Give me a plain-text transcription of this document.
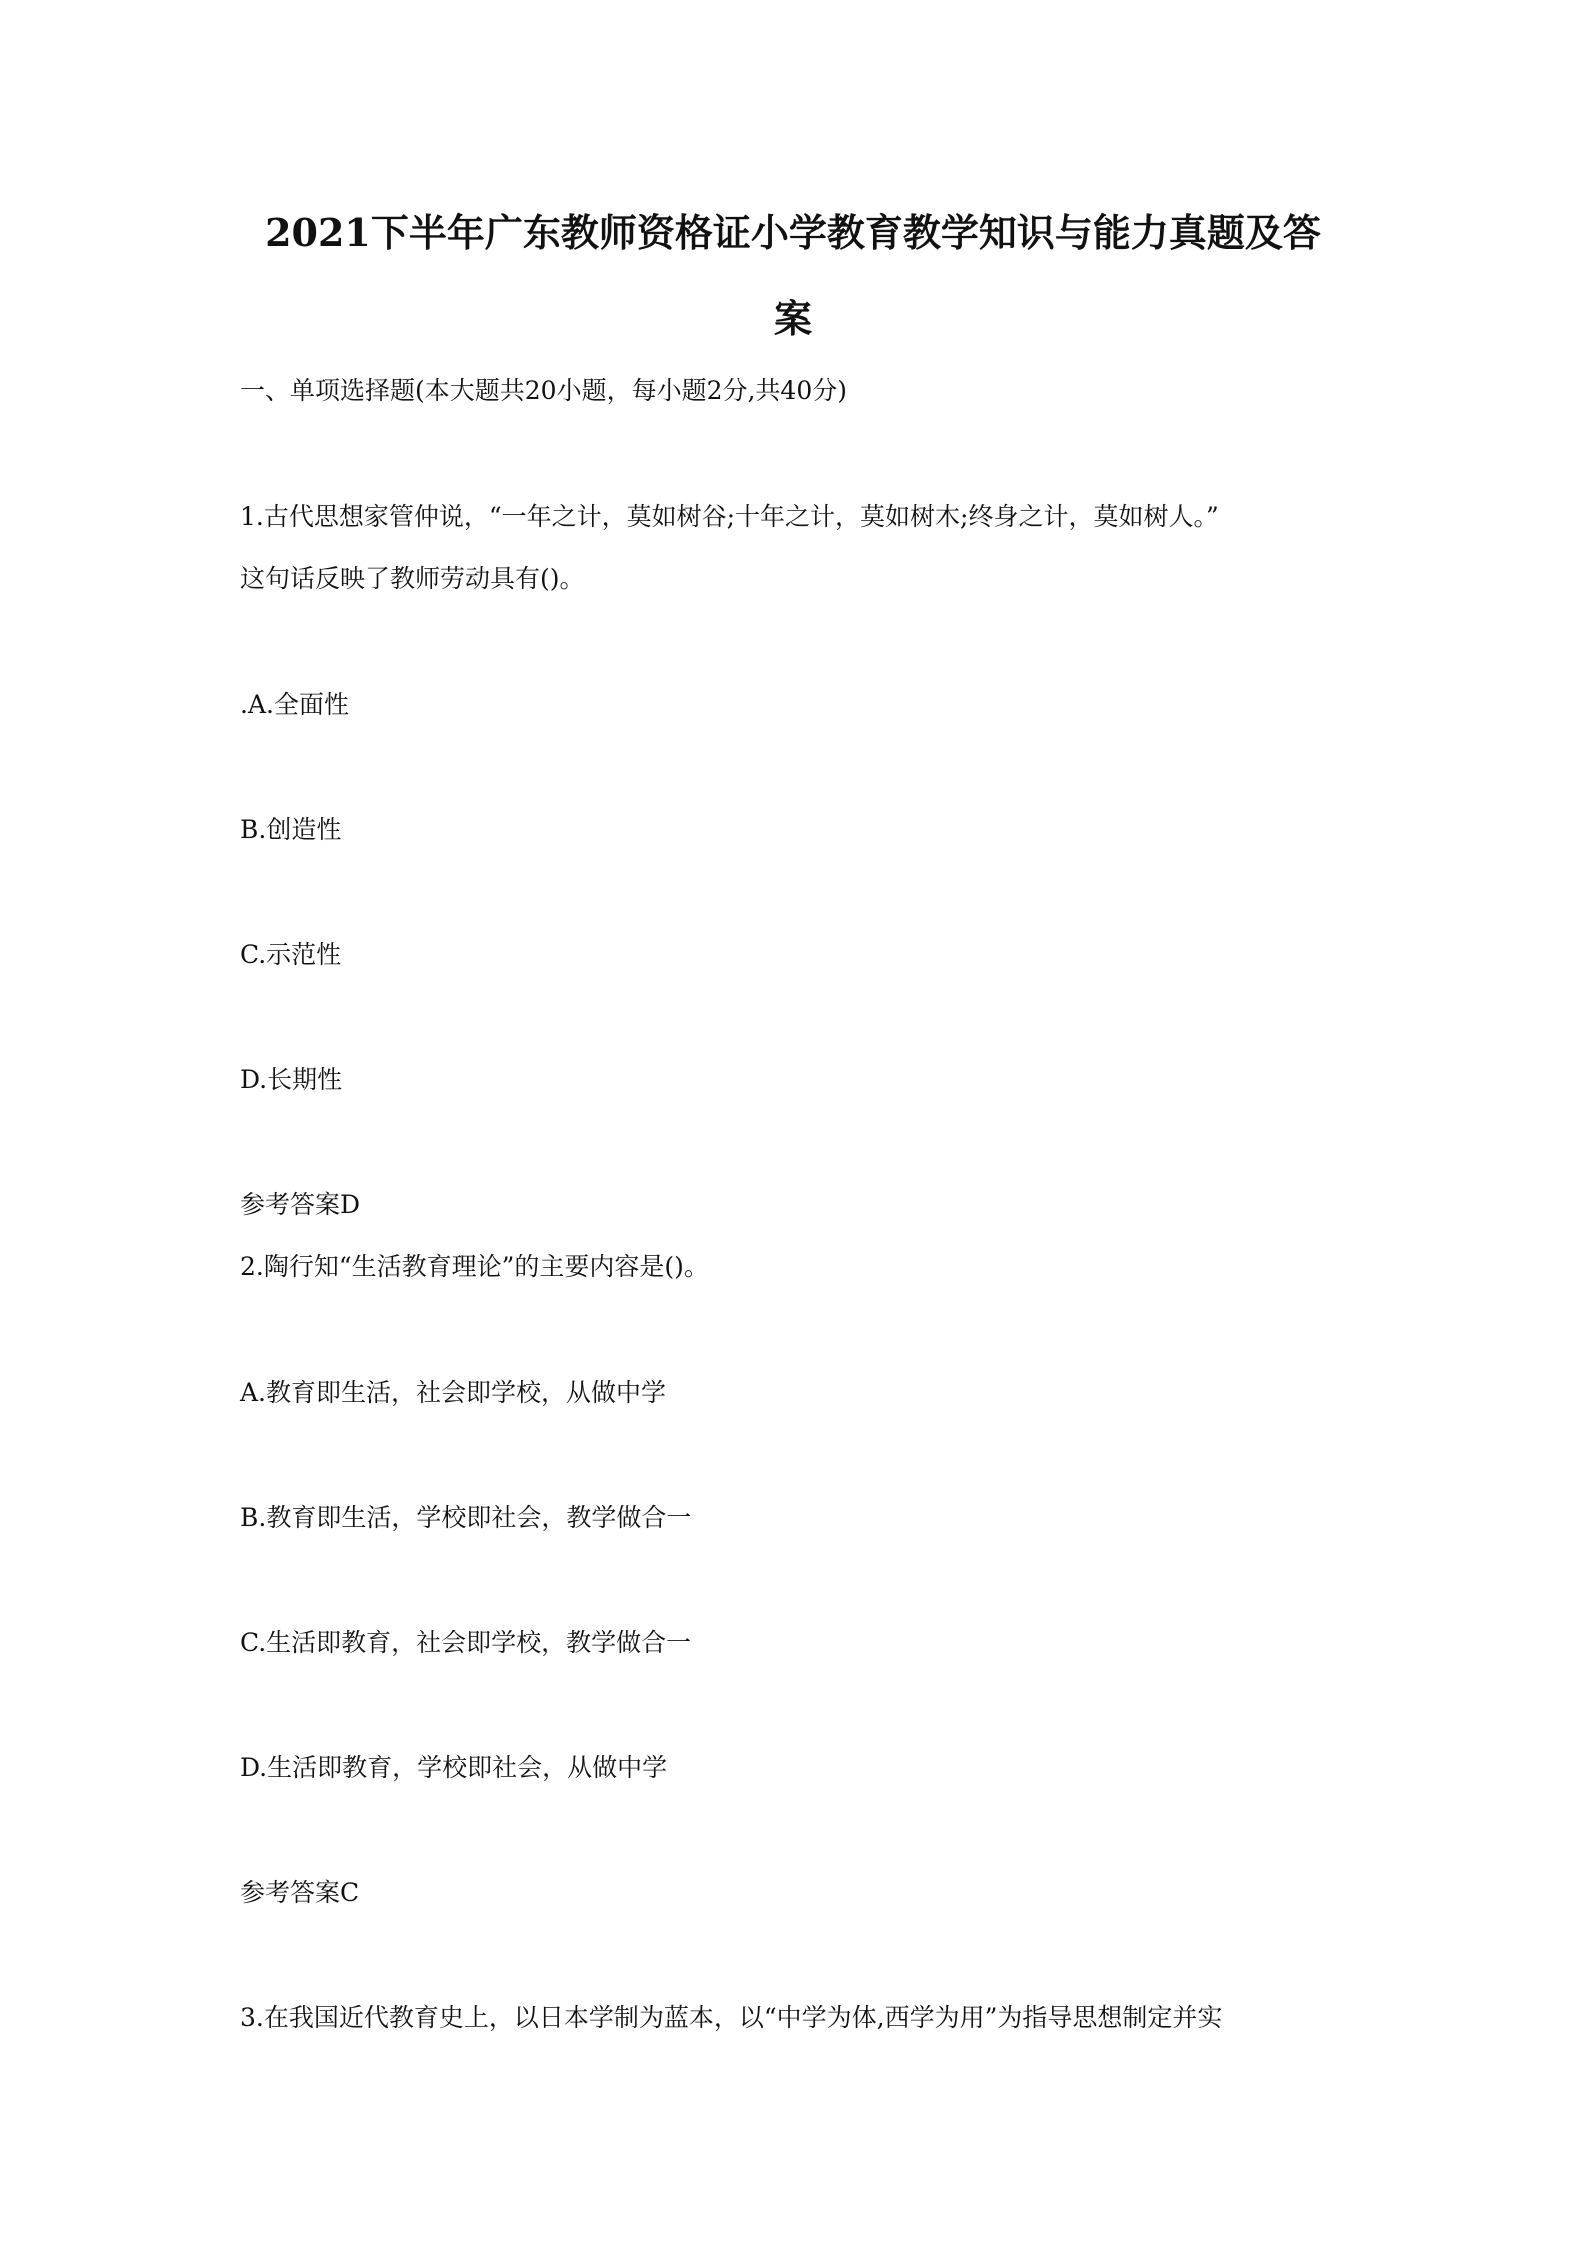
2021下半年广东教师资格证小学教育教学知识与能力真题及答
案
一、单项选择题(本大题共20小题，每小题2分,共40分)
1.古代思想家管仲说，“一年之计，莫如树谷;十年之计，莫如树木;终身之计，莫如树人。”
这句话反映了教师劳动具有()。
.A.全面性
B.创造性
C.示范性
D.长期性
参考答案D
2.陶行知“生活教育理论”的主要内容是()。
A.教育即生活，社会即学校，从做中学
B.教育即生活，学校即社会，教学做合一
C.生活即教育，社会即学校，教学做合一
D.生活即教育，学校即社会，从做中学
参考答案C
3.在我国近代教育史上，以日本学制为蓝本，以“中学为体,西学为用”为指导思想制定并实
